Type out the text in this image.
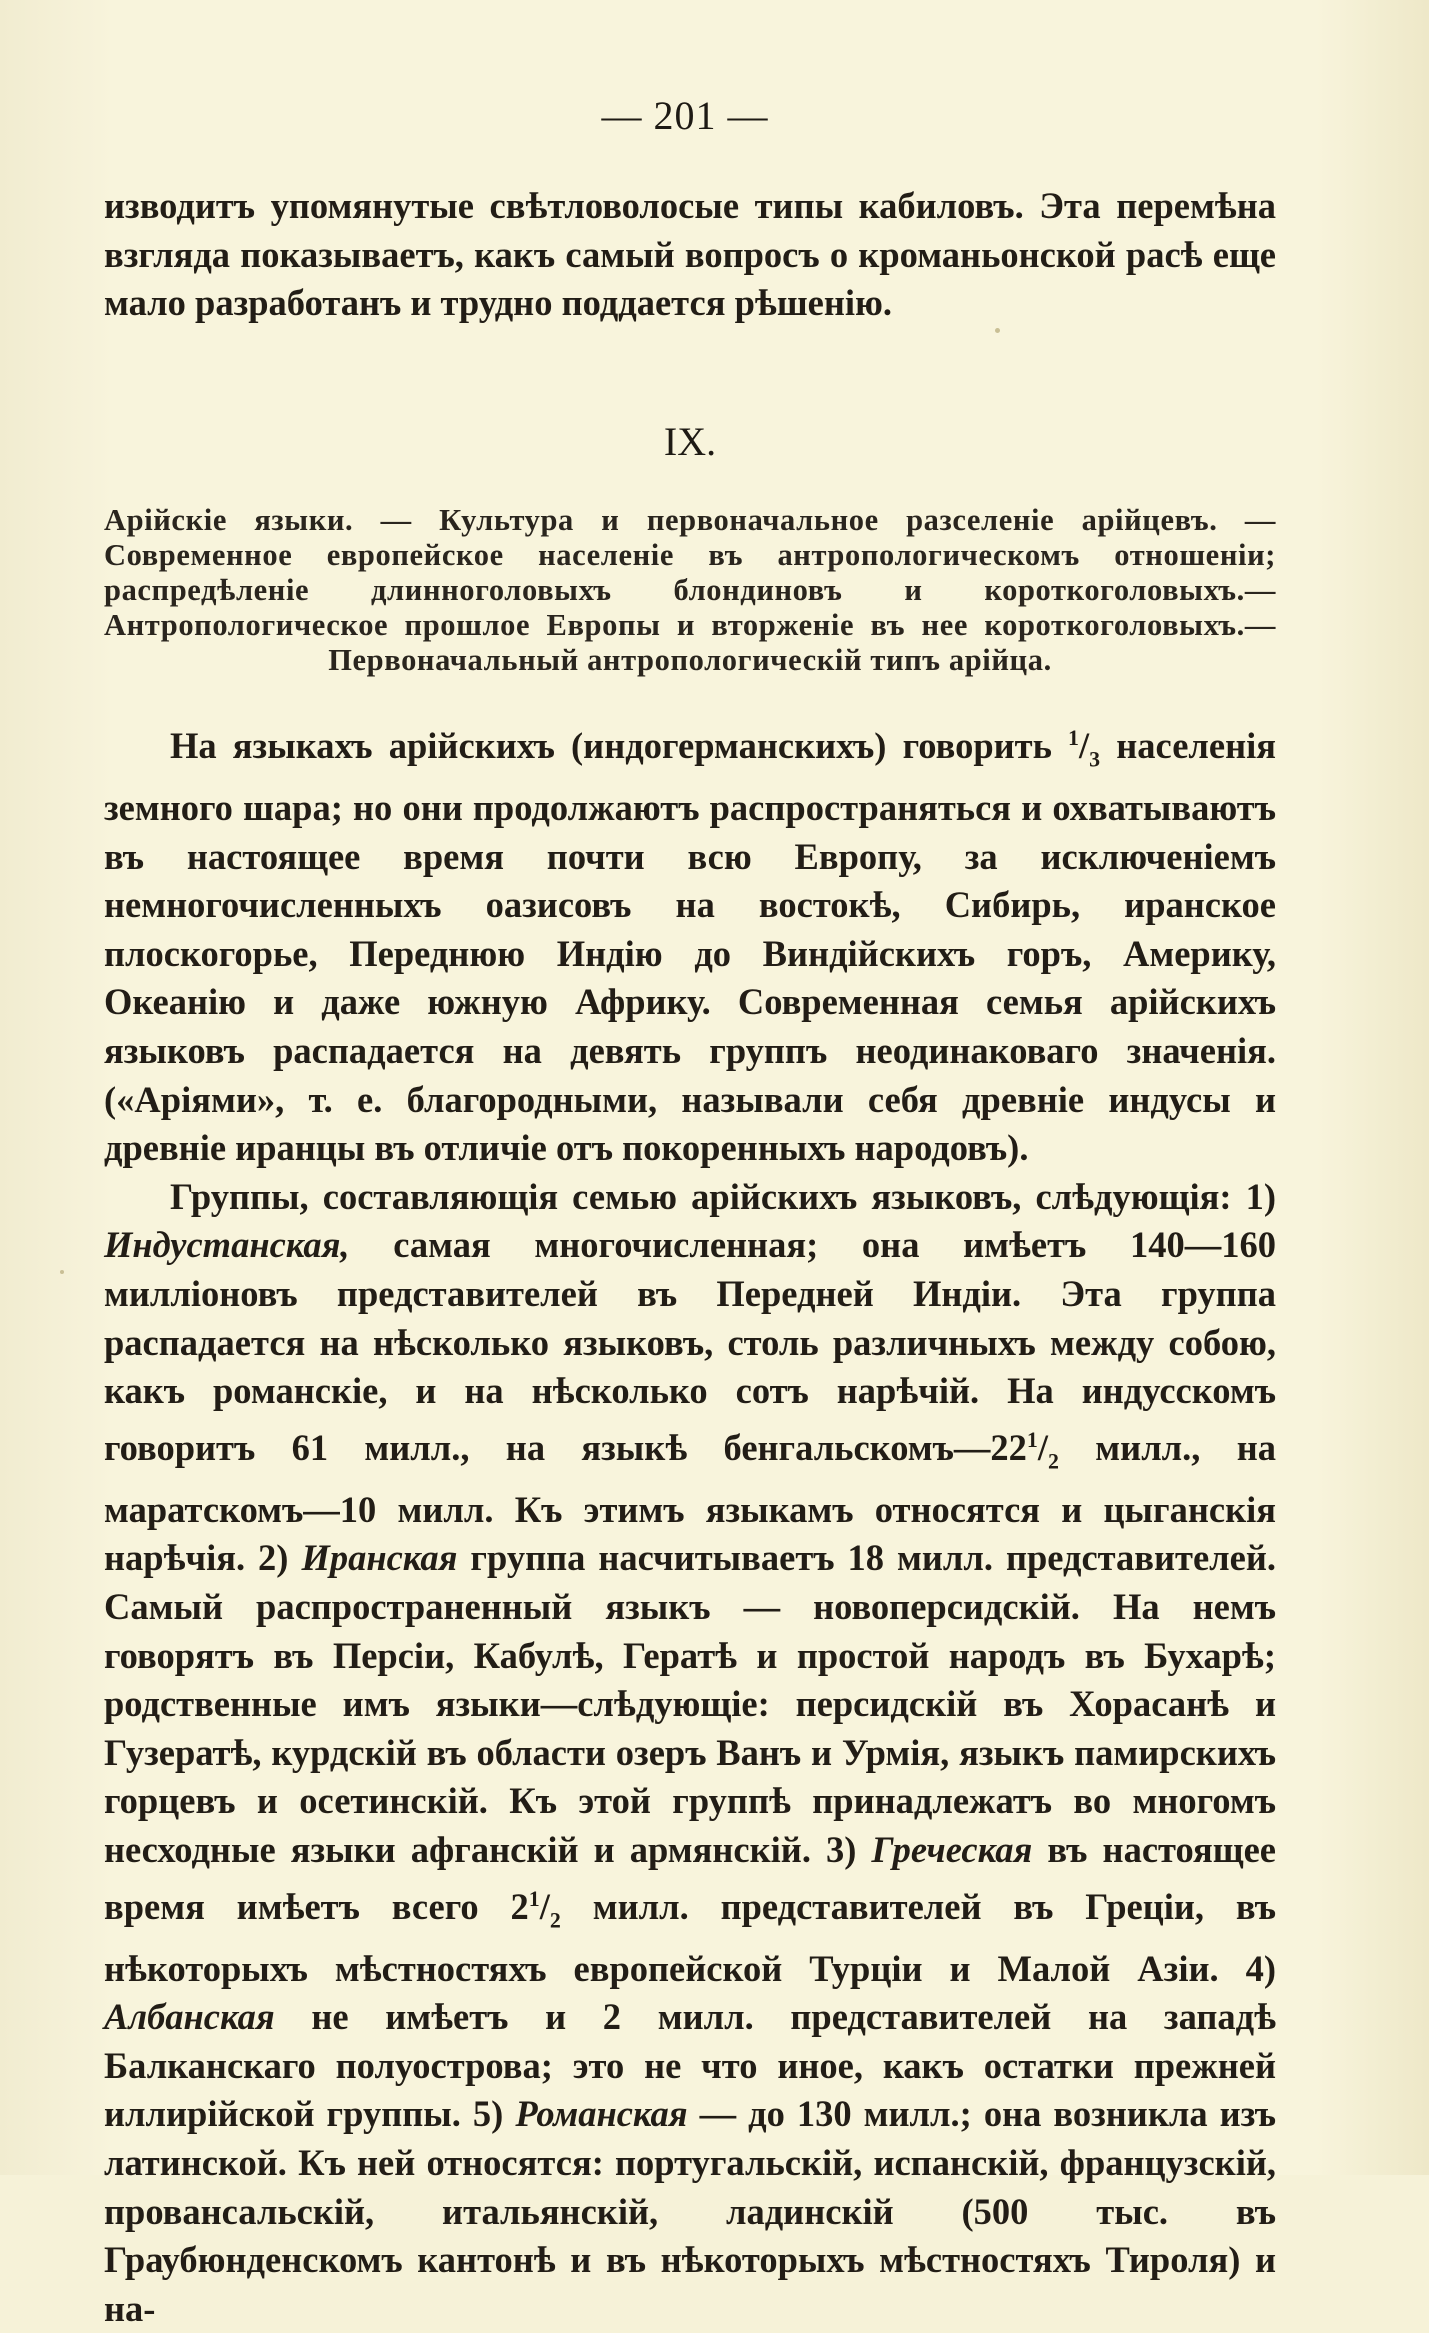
— 201 —
изводитъ упомянутые свѣтловолосые типы кабиловъ. Эта перемѣна взгляда показываетъ, какъ самый вопросъ о кроманьонской расѣ еще мало разработанъ и трудно поддается рѣшенію.
IX.
Арійскіе языки. — Культура и первоначальное разселеніе арійцевъ. — Современное европейское населеніе въ антропологическомъ отношеніи; распредѣленіе длинноголовыхъ блондиновъ и короткоголовыхъ.—Антропологическое прошлое Европы и вторженіе въ нее короткоголовыхъ.— Первоначальный антропологическій типъ арійца.

На языкахъ арійскихъ (индогерманскихъ) говорить $^1/_3$ населенія земного шара; но они продолжаютъ распространяться и охватываютъ въ настоящее время почти всю Европу, за исключеніемъ немногочисленныхъ оазисовъ на востокѣ, Сибирь, иранское плоскогорье, Переднюю Индію до Виндійскихъ горъ, Америку, Океанію и даже южную Африку. Современная семья арійскихъ языковъ распадается на девять группъ неодинаковаго значенія. («Аріями», т. е. благородными, называли себя древніе индусы и древніе иранцы въ отличіе отъ покоренныхъ народовъ).

Группы, составляющія семью арійскихъ языковъ, слѣдующія: 1) Индустанская, самая многочисленная; она имѣетъ 140—160 милліоновъ представителей въ Передней Индіи. Эта группа распадается на нѣсколько языковъ, столь различныхъ между собою, какъ романскіе, и на нѣсколько сотъ нарѣчій. На индусскомъ говоритъ 61 милл., на языкѣ $бенгальскомъ—22^1/_2$ милл., на маратскомъ—10 милл. Къ этимъ языкамъ относятся и цыганскія нарѣчія. 2) Иранская группа насчитываетъ 18 милл. представителей. Самый распространенный языкъ — новоперсидскій. На немъ говорятъ въ Персіи, Кабулѣ, Гератѣ и простой народъ въ Бухарѣ; родственные имъ языки—слѣдующіе: персидскій въ Хорасанѣ и Гузератѣ, курдскій въ области озеръ Ванъ и Урмія, языкъ памирскихъ горцевъ и осетинскій. Къ этой группѣ принадлежатъ во многомъ несходные языки афганскій и армянскій. 3) Греческая въ настоящее время имѣетъ всего $2^1/_2$ милл. представителей въ Греціи, въ нѣкоторыхъ мѣстностяхъ европейской Турціи и Малой Азіи. 4) Албанская не имѣетъ и 2 милл. представителей на западѣ Балканскаго полуострова; это не что иное, какъ остатки прежней иллирійской группы. 5) Романская — до 130 милл.; она возникла изъ латинской. Къ ней относятся: португальскій, испанскій, французскій, провансальскій, итальянскій, ладинскій (500 тыс. въ Граубюнденскомъ кантонѣ и въ нѣкоторыхъ мѣстностяхъ Тироля) и на-
